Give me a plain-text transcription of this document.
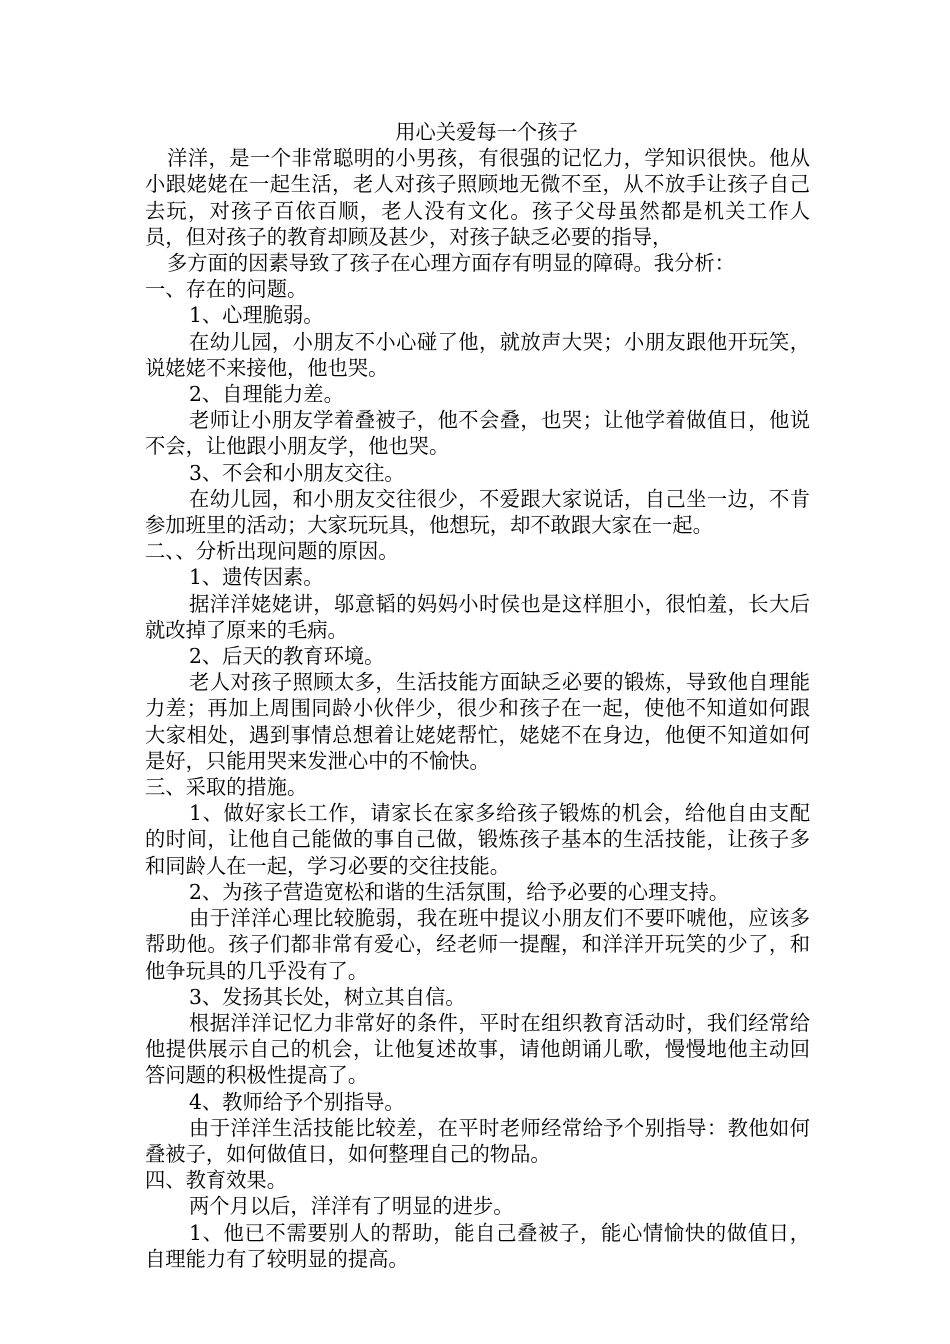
用心关爱每一个孩子

洋洋，是一个非常聪明的小男孩，有很强的记忆力，学知识很快。他从小跟姥姥在一起生活，老人对孩子照顾地无微不至，从不放手让孩子自己去玩，对孩子百依百顺，老人没有文化。孩子父母虽然都是机关工作人员，但对孩子的教育却顾及甚少，对孩子缺乏必要的指导，

多方面的因素导致了孩子在心理方面存有明显的障碍。我分析：

一、存在的问题。

1、心理脆弱。

在幼儿园，小朋友不小心碰了他，就放声大哭；小朋友跟他开玩笑，说姥姥不来接他，他也哭。

2、自理能力差。

老师让小朋友学着叠被子，他不会叠，也哭；让他学着做值日，他说不会，让他跟小朋友学，他也哭。

3、不会和小朋友交往。

在幼儿园，和小朋友交往很少，不爱跟大家说话，自己坐一边，不肯参加班里的活动；大家玩玩具，他想玩，却不敢跟大家在一起。

二、、分析出现问题的原因。

1、遗传因素。

据洋洋姥姥讲，邬意韬的妈妈小时侯也是这样胆小，很怕羞，长大后就改掉了原来的毛病。

2、后天的教育环境。

老人对孩子照顾太多，生活技能方面缺乏必要的锻炼，导致他自理能力差；再加上周围同龄小伙伴少，很少和孩子在一起，使他不知道如何跟大家相处，遇到事情总想着让姥姥帮忙，姥姥不在身边，他便不知道如何是好，只能用哭来发泄心中的不愉快。

三、采取的措施。

1、做好家长工作，请家长在家多给孩子锻炼的机会，给他自由支配的时间，让他自己能做的事自己做，锻炼孩子基本的生活技能，让孩子多和同龄人在一起，学习必要的交往技能。

2、为孩子营造宽松和谐的生活氛围，给予必要的心理支持。

由于洋洋心理比较脆弱，我在班中提议小朋友们不要吓唬他，应该多帮助他。孩子们都非常有爱心，经老师一提醒，和洋洋开玩笑的少了，和他争玩具的几乎没有了。

3、发扬其长处，树立其自信。

根据洋洋记忆力非常好的条件，平时在组织教育活动时，我们经常给他提供展示自己的机会，让他复述故事，请他朗诵儿歌，慢慢地他主动回答问题的积极性提高了。

4、教师给予个别指导。

由于洋洋生活技能比较差，在平时老师经常给予个别指导：教他如何叠被子，如何做值日，如何整理自己的物品。

四、教育效果。

两个月以后，洋洋有了明显的进步。

1、他已不需要别人的帮助，能自己叠被子，能心情愉快的做值日，自理能力有了较明显的提高。
